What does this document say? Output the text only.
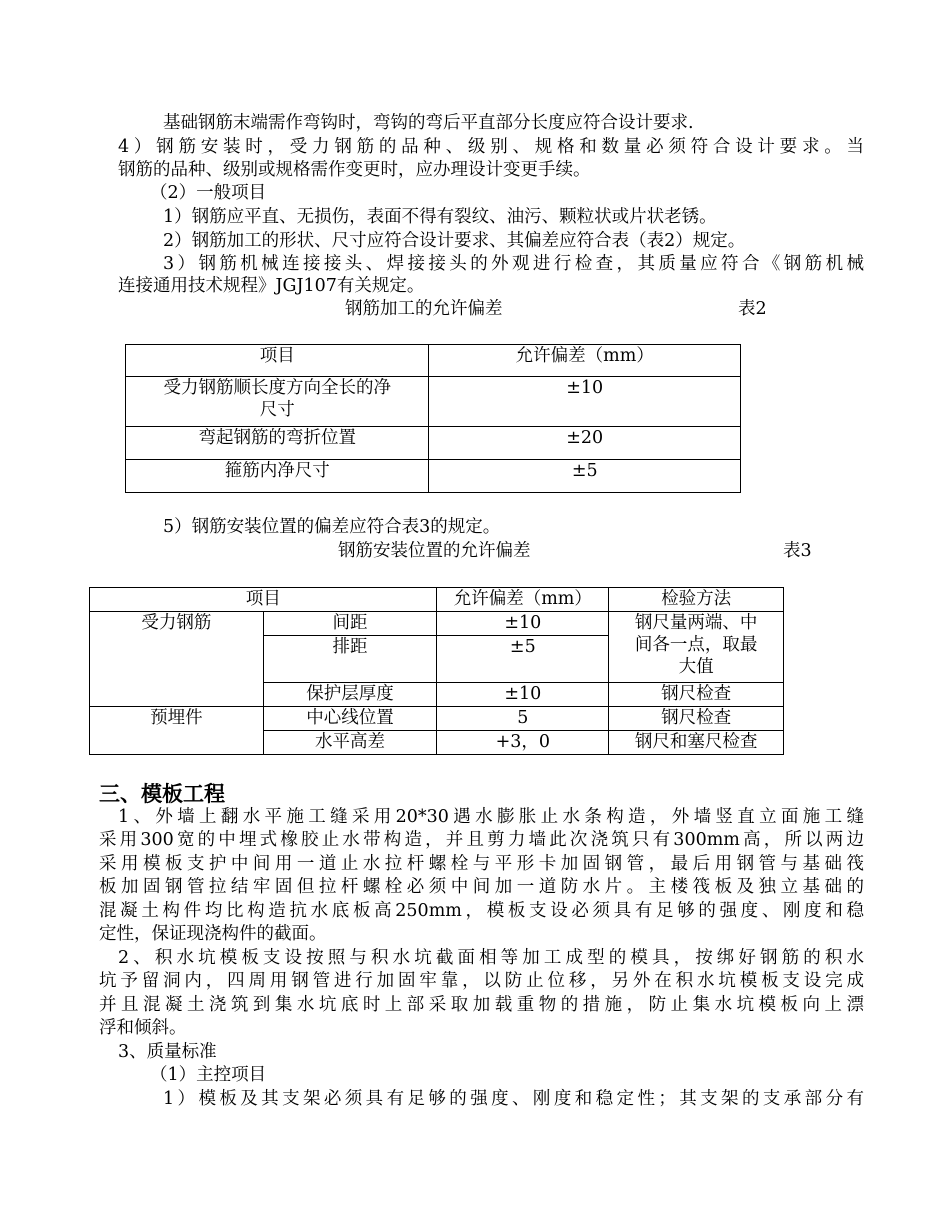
基础钢筋末端需作弯钩时，弯钩的弯后平直部分长度应符合设计要求.
4）钢筋安装时，受力钢筋的品种、级别、规格和数量必须符合设计要求。当
钢筋的品种、级别或规格需作变更时，应办理设计变更手续。
（2）一般项目
1）钢筋应平直、无损伤，表面不得有裂纹、油污、颗粒状或片状老锈。
2）钢筋加工的形状、尺寸应符合设计要求、其偏差应符合表（表2）规定。
3）钢筋机械连接接头、焊接接头的外观进行检查，其质量应符合《钢筋机械
连接通用技术规程》JGJ107有关规定。
钢筋加工的允许偏差	表2
项目	允许偏差（mm）

受力钢筋顺长度方向全长的净
尺寸	±10
弯起钢筋的弯折位置	±20
箍筋内净尺寸	±5
5）钢筋安装位置的偏差应符合表3的规定。
钢筋安装位置的允许偏差	表3
项目		允许偏差（mm）	检验方法
受力钢筋	间距	±10	钢尺量两端、中
间各一点，取最
大值

	排距	±5	
	保护层厚度	±10	钢尺检查
预埋件	中心线位置	5	钢尺检查
	水平高差	+3，0	钢尺和塞尺检查
三、模板工程
1、外墙上翻水平施工缝采用20*30遇水膨胀止水条构造，外墙竖直立面施工缝
采用300宽的中埋式橡胶止水带构造，并且剪力墙此次浇筑只有300mm高，所以两边
采用模板支护中间用一道止水拉杆螺栓与平形卡加固钢管，最后用钢管与基础筏
板加固钢管拉结牢固但拉杆螺栓必须中间加一道防水片。主楼筏板及独立基础的
混凝土构件均比构造抗水底板高250mm，模板支设必须具有足够的强度、刚度和稳
定性，保证现浇构件的截面。
2、积水坑模板支设按照与积水坑截面相等加工成型的模具，按绑好钢筋的积水
坑予留洞内，四周用钢管进行加固牢靠，以防止位移，另外在积水坑模板支设完成
并且混凝土浇筑到集水坑底时上部采取加载重物的措施，防止集水坑模板向上漂
浮和倾斜。
3、质量标准
（1）主控项目
1）模板及其支架必须具有足够的强度、刚度和稳定性；其支架的支承部分有
